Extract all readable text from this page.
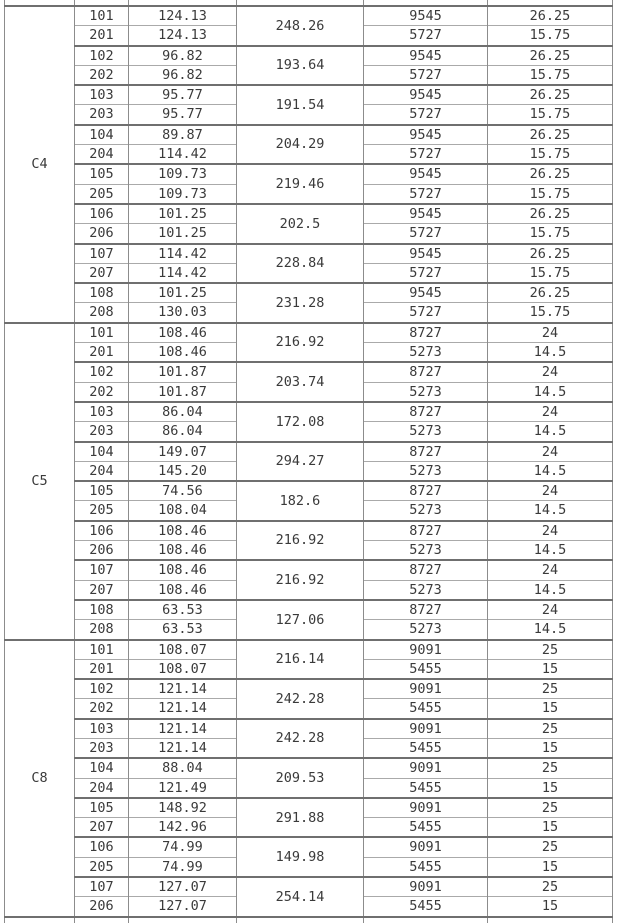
C4	101	124.13	248.26	9545	26.25
	201	124.13		5727	15.75
	102	96.82	193.64	9545	26.25
	202	96.82		5727	15.75
	103	95.77	191.54	9545	26.25
	203	95.77		5727	15.75
	104	89.87	204.29	9545	26.25
	204	114.42		5727	15.75
	105	109.73	219.46	9545	26.25
	205	109.73		5727	15.75
	106	101.25	202.5	9545	26.25
	206	101.25		5727	15.75
	107	114.42	228.84	9545	26.25
	207	114.42		5727	15.75
	108	101.25	231.28	9545	26.25
	208	130.03		5727	15.75
C5	101	108.46	216.92	8727	24
	201	108.46		5273	14.5
	102	101.87	203.74	8727	24
	202	101.87		5273	14.5
	103	86.04	172.08	8727	24
	203	86.04		5273	14.5
	104	149.07	294.27	8727	24
	204	145.20		5273	14.5
	105	74.56	182.6	8727	24
	205	108.04		5273	14.5
	106	108.46	216.92	8727	24
	206	108.46		5273	14.5
	107	108.46	216.92	8727	24
	207	108.46		5273	14.5
	108	63.53	127.06	8727	24
	208	63.53		5273	14.5
C8	101	108.07	216.14	9091	25
	201	108.07		5455	15
	102	121.14	242.28	9091	25
	202	121.14		5455	15
	103	121.14	242.28	9091	25
	203	121.14		5455	15
	104	88.04	209.53	9091	25
	204	121.49		5455	15
	105	148.92	291.88	9091	25
	207	142.96		5455	15
	106	74.99	149.98	9091	25
	205	74.99		5455	15
	107	127.07	254.14	9091	25
	206	127.07		5455	15
